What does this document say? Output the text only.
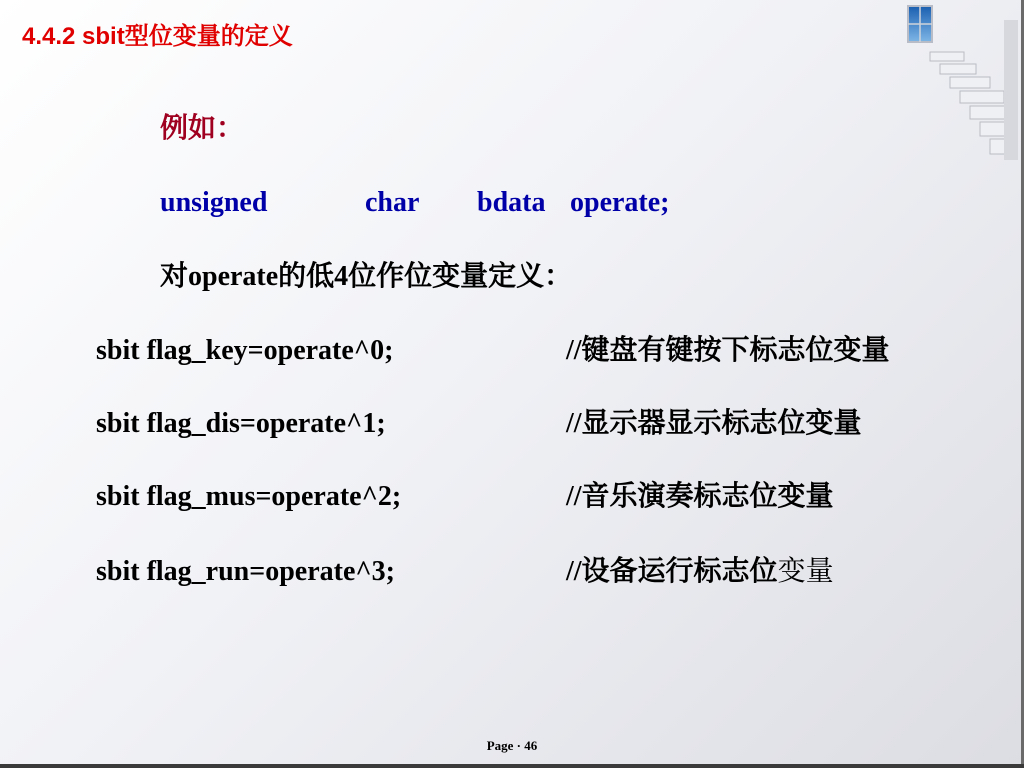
4.4.2 sbit型位变量的定义

例如：

unsigned	char bdata operate;

对operate的低4位作位变量定义：

sbit flag_key=operate^0;	//键盘有键按下标志位变量
sbit flag_dis=operate^1;	//显示器显示标志位变量
sbit flag_mus=operate^2;	//音乐演奏标志位变量
sbit flag_run=operate^3;	//设备运行标志位变量

Page · 46
